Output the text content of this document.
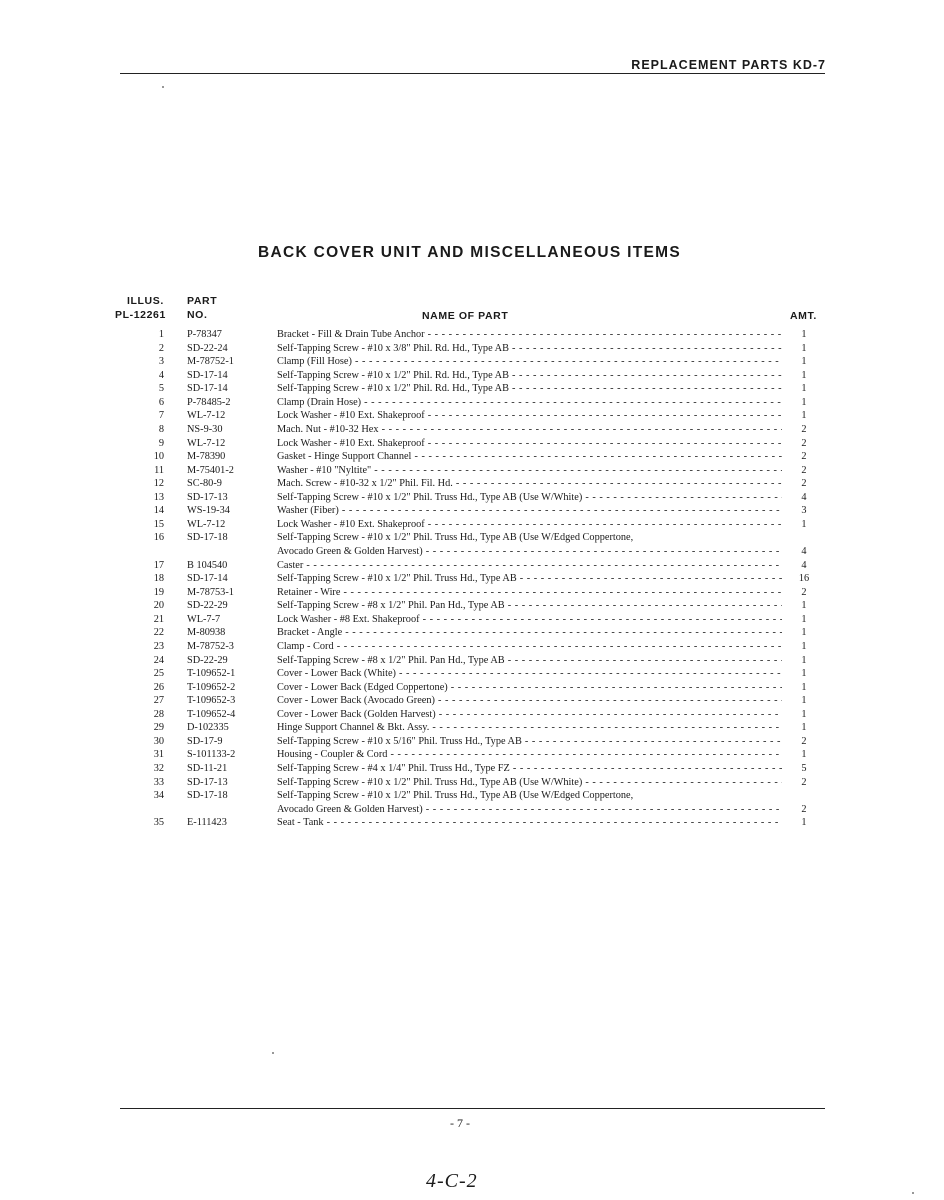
REPLACEMENT PARTS KD-7
BACK COVER UNIT AND MISCELLANEOUS ITEMS
ILLUS.
PL-12261
PART
NO.	NAME OF PART	AMT.
1 P-78347	Bracket - Fill & Drain Tube Anchor - - -	1
2 SD-22-24	Self-Tapping Screw - #10 x 3/8" Phil. Rd. Hd., Type AB - - -	1
3 M-78752-1	Clamp (Fill Hose) - - -	1
4 SD-17-14	Self-Tapping Screw - #10 x 1/2" Phil. Rd. Hd., Type AB - - -	1
5 SD-17-14	Self-Tapping Screw - #10 x 1/2" Phil. Rd. Hd., Type AB - - -	1
6 P-78485-2	Clamp (Drain Hose) - - -	1
7 WL-7-12	Lock Washer - #10 Ext. Shakeproof - - -	1
8 NS-9-30	Mach. Nut - #10-32 Hex - - -	2
9 WL-7-12	Lock Washer - #10 Ext. Shakeproof - - -	2
10 M-78390	Gasket - Hinge Support Channel - - -	2
11 M-75401-2	Washer - #10 "Nyltite" - - -	2
12 SC-80-9	Mach. Screw - #10-32 x 1/2" Phil. Fil. Hd. - - -	2
13 SD-17-13	Self-Tapping Screw - #10 x 1/2" Phil. Truss Hd., Type AB (Use W/White) - - -	4
14 WS-19-34	Washer (Fiber) - - -	3
15 WL-7-12	Lock Washer - #10 Ext. Shakeproof - - -	1
16 SD-17-18	Self-Tapping Screw - #10 x 1/2" Phil. Truss Hd., Type AB (Use W/Edged Coppertone,
Avocado Green & Golden Harvest) - - -	4
17 B 104540	Caster - - -	4
18 SD-17-14	Self-Tapping Screw - #10 x 1/2" Phil. Truss Hd., Type AB - - -	16
19 M-78753-1	Retainer - Wire - - -	2
20 SD-22-29	Self-Tapping Screw - #8 x 1/2" Phil. Pan Hd., Type AB - - -	1
21 WL-7-7	Lock Washer - #8 Ext. Shakeproof - - -	1
22 M-80938	Bracket - Angle - - -	1
23 M-78752-3	Clamp - Cord - - -	1
24 SD-22-29	Self-Tapping Screw - #8 x 1/2" Phil. Pan Hd., Type AB - - -	1
25 T-109652-1	Cover - Lower Back (White) - - -	1
26 T-109652-2	Cover - Lower Back (Edged Coppertone) - - -	1
27 T-109652-3	Cover - Lower Back (Avocado Green) - - -	1
28 T-109652-4	Cover - Lower Back (Golden Harvest) - - -	1
29 D-102335	Hinge Support Channel & Bkt. Assy. - - -	1
30 SD-17-9	Self-Tapping Screw - #10 x 5/16" Phil. Truss Hd., Type AB - - -	2
31 S-101133-2	Housing - Coupler & Cord - - -	1
32 SD-11-21	Self-Tapping Screw - #4 x 1/4" Phil. Truss Hd., Type FZ - - -	5
33 SD-17-13	Self-Tapping Screw - #10 x 1/2" Phil. Truss Hd., Type AB (Use W/White) - - -	2
34 SD-17-18	Self-Tapping Screw - #10 x 1/2" Phil. Truss Hd., Type AB (Use W/Edged Coppertone,
Avocado Green & Golden Harvest) - - -	2
35 E-111423	Seat - Tank - - -	1
- 7 -
4-C-2
